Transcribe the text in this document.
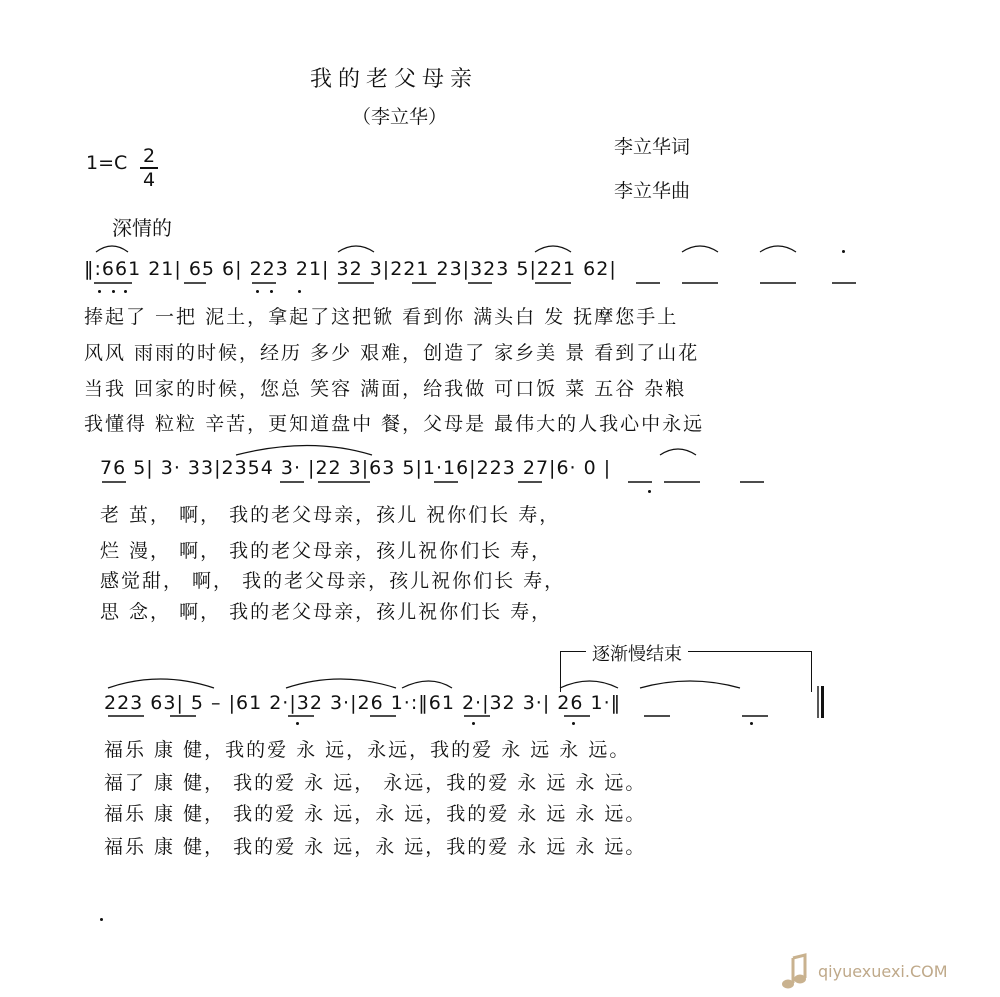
我的老父母亲
（李立华）
李立华词
李立华曲
$1=C \frac{2}{4}$
深情的
‖:661 21| 65 6| 223 21| 32 3|221 23|323 5|221 62|
捧起了 一把 泥土，拿起了这把锨 看到你 满头白 发 抚摩您手上
风风 雨雨的时候，经历 多少 艰难，创造了 家乡美 景 看到了山花
当我 回家的时候，您总 笑容 满面，给我做 可口饭 菜 五谷 杂粮
我懂得 粒粒 辛苦，更知道盘中 餐，父母是 最伟大的人我心中永远
76 5| 3· 33|2354 3· |22 3|63 5|1·16|223 27|6· 0 |
老 茧， 啊， 我的老父母亲，孩儿 祝你们长 寿，
烂 漫， 啊， 我的老父母亲，孩儿祝你们长 寿，
感觉甜， 啊， 我的老父母亲，孩儿祝你们长 寿，
思 念， 啊， 我的老父母亲，孩儿祝你们长 寿，
逐渐慢结束
223 63| 5 – |61 2·|32 3·|26 1·:‖61 2·|32 3·| 26 1·‖
福乐 康 健，我的爱 永 远，永远，我的爱 永 远 永 远。
福了 康 健， 我的爱 永 远， 永远，我的爱 永 远 永 远。
福乐 康 健， 我的爱 永 远，永 远，我的爱 永 远 永 远。
福乐 康 健， 我的爱 永 远，永 远，我的爱 永 远 永 远。
qiyuexuexi.COM
